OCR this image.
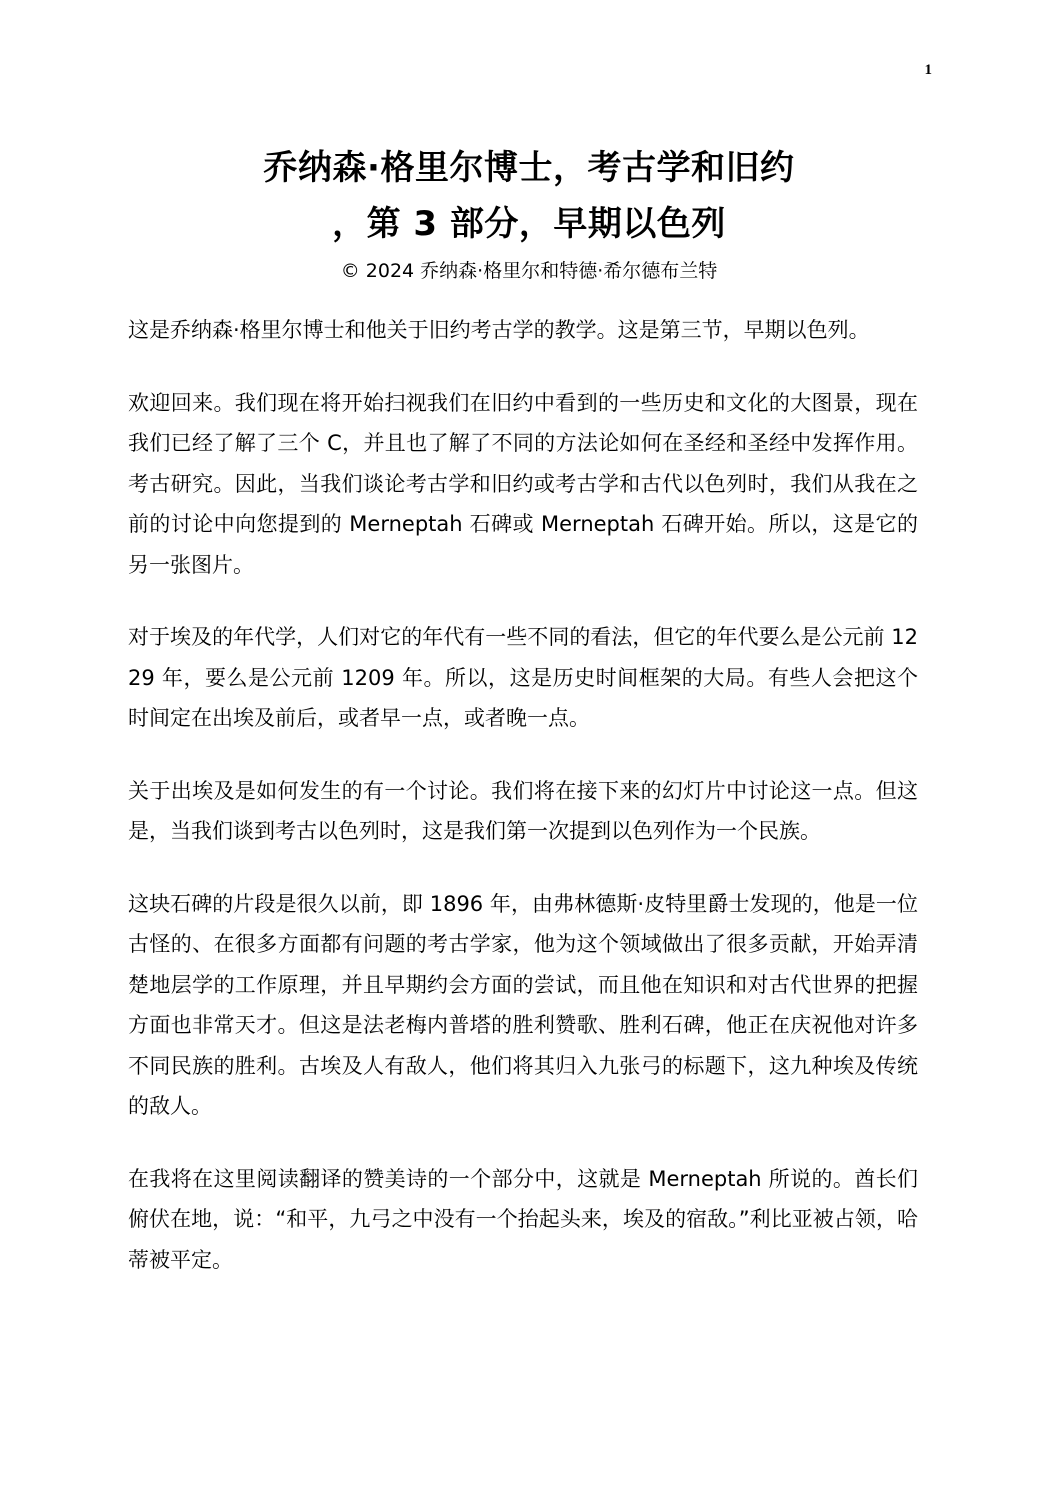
1
乔纳森·格里尔博士，考古学和旧约
，第 3 部分，早期以色列
© 2024 乔纳森·格里尔和特德·希尔德布兰特

这是乔纳森·格里尔博士和他关于旧约考古学的教学。这是第三节，早期以色列。

欢迎回来。我们现在将开始扫视我们在旧约中看到的一些历史和文化的大图景，现在我们已经了解了三个 C，并且也了解了不同的方法论如何在圣经和圣经中发挥作用。考古研究。因此，当我们谈论考古学和旧约或考古学和古代以色列时，我们从我在之前的讨论中向您提到的 Merneptah 石碑或 Merneptah 石碑开始。所以，这是它的另一张图片。

对于埃及的年代学，人们对它的年代有一些不同的看法，但它的年代要么是公元前 1229 年，要么是公元前 1209 年。所以，这是历史时间框架的大局。有些人会把这个时间定在出埃及前后，或者早一点，或者晚一点。

关于出埃及是如何发生的有一个讨论。我们将在接下来的幻灯片中讨论这一点。但这是，当我们谈到考古以色列时，这是我们第一次提到以色列作为一个民族。

这块石碑的片段是很久以前，即 1896 年，由弗林德斯·皮特里爵士发现的，他是一位古怪的、在很多方面都有问题的考古学家，他为这个领域做出了很多贡献，开始弄清楚地层学的工作原理，并且早期约会方面的尝试，而且他在知识和对古代世界的把握方面也非常天才。但这是法老梅内普塔的胜利赞歌、胜利石碑，他正在庆祝他对许多不同民族的胜利。古埃及人有敌人，他们将其归入九张弓的标题下，这九种埃及传统的敌人。

在我将在这里阅读翻译的赞美诗的一个部分中，这就是 Merneptah 所说的。酋长们俯伏在地，说：“和平，九弓之中没有一个抬起头来，埃及的宿敌。”利比亚被占领，哈蒂被平定。
